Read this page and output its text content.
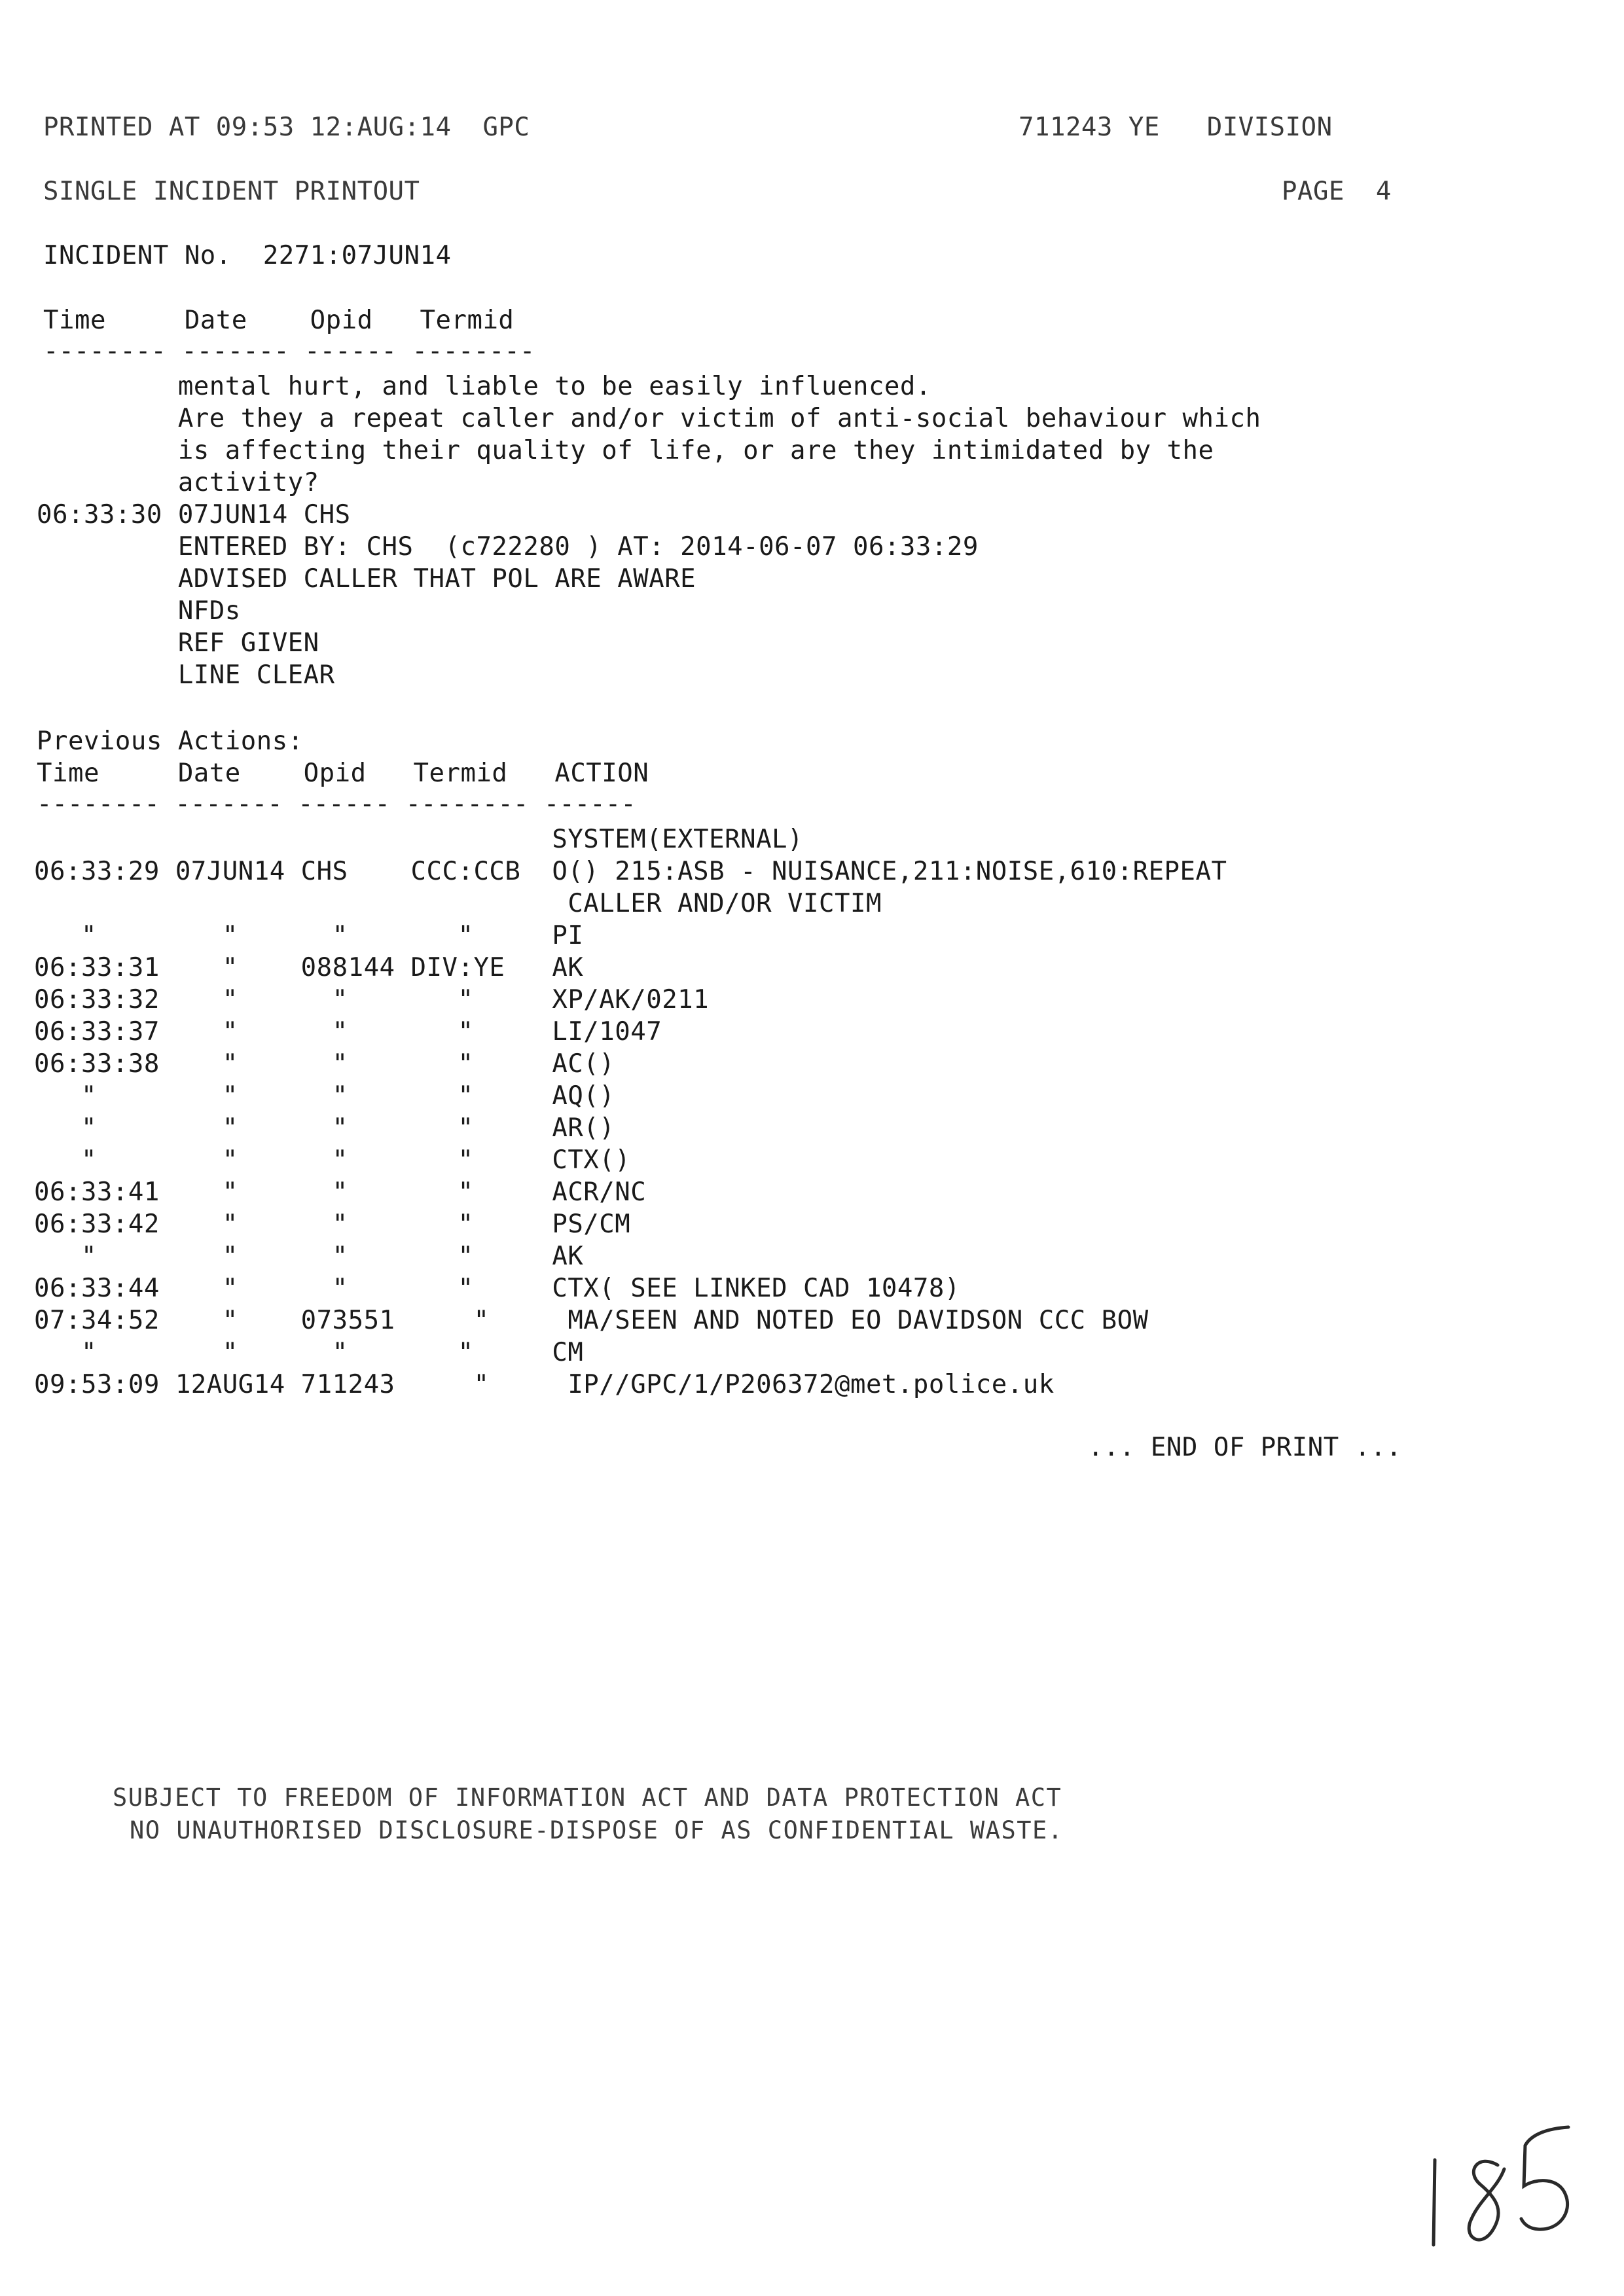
PRINTED AT 09:53 12:AUG:14  GPC	711243 YE   DIVISION
SINGLE INCIDENT PRINTOUT	PAGE  4
INCIDENT No.  2271:07JUN14
Time     Date    Opid   Termid
-------- ------- ------ --------
mental hurt, and liable to be easily influenced.
Are they a repeat caller and/or victim of anti-social behaviour which
is affecting their quality of life, or are they intimidated by the
activity?
06:33:30 07JUN14 CHS
ENTERED BY: CHS  (c722280 ) AT: 2014-06-07 06:33:29
ADVISED CALLER THAT POL ARE AWARE
NFDs
REF GIVEN
LINE CLEAR
Previous Actions:
Time     Date    Opid   Termid   ACTION
-------- ------- ------ -------- ------
SYSTEM(EXTERNAL)
06:33:29 07JUN14 CHS    CCC:CCB  O() 215:ASB - NUISANCE,211:NOISE,610:REPEAT
CALLER AND/OR VICTIM
"        "      "       "     PI
06:33:31    "    088144 DIV:YE   AK
06:33:32    "      "       "     XP/AK/0211
06:33:37    "      "       "     LI/1047
06:33:38    "      "       "     AC()
"        "      "       "     AQ()
"        "      "       "     AR()
"        "      "       "     CTX()
06:33:41    "      "       "     ACR/NC
06:33:42    "      "       "     PS/CM
"        "      "       "     AK
06:33:44    "      "       "     CTX( SEE LINKED CAD 10478)
07:34:52    "    073551     "     MA/SEEN AND NOTED EO DAVIDSON CCC BOW
"        "      "       "     CM
09:53:09 12AUG14 711243     "     IP//GPC/1/P206372@met.police.uk
... END OF PRINT ...
SUBJECT TO FREEDOM OF INFORMATION ACT AND DATA PROTECTION ACT
NO UNAUTHORISED DISCLOSURE-DISPOSE OF AS CONFIDENTIAL WASTE.
